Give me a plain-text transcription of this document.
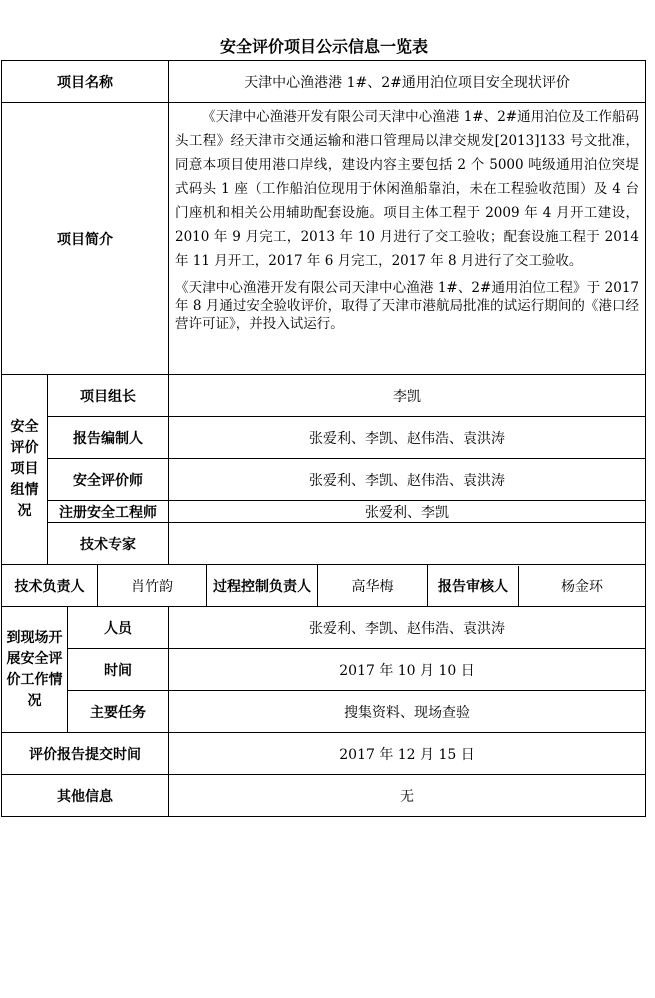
安全评价项目公示信息一览表
项目名称				天津中心渔港港 1#、2#通用泊位项目安全现状评价			
项目简介				《天津中心渔港开发有限公司天津中心渔港 1#、2#通用泊位及工作船码头工程》经天津市交通运输和港口管理局以津交规发[2013]133 号文批准，同意本项目使用港口岸线，建设内容主要包括 2 个 5000 吨级通用泊位突堤式码头 1 座（工作船泊位现用于休闲渔船靠泊，未在工程验收范围）及 4 台门座机和相关公用辅助配套设施。项目主体工程于 2009 年 4 月开工建设，2010 年 9 月完工，2013 年 10 月进行了交工验收；配套设施工程于 2014 年 11 月开工，2017 年 6 月完工，2017 年 8 月进行了交工验收。

《天津中心渔港开发有限公司天津中心渔港 1#、2#通用泊位工程》于 2017 年 8 月通过安全验收评价，取得了天津市港航局批准的试运行期间的《港口经营许可证》，并投入试运行。			

安全评价项目组情况	项目组长			李凯			
	报告编制人			张爱利、李凯、赵伟浩、袁洪涛			
	安全评价师			张爱利、李凯、赵伟浩、袁洪涛			
	注册安全工程师			张爱利、李凯			
	技术专家						
技术负责人			肖竹韵		过程控制负责人	高华梅	报告审核人 杨金环

到现场开展安全评价工作情况		人员		张爱利、李凯、赵伟浩、袁洪涛			
		时间		2017 年 10 月 10 日			
		主要任务		搜集资料、现场查验			
评价报告提交时间				2017 年 12 月 15 日			
其他信息				无			
